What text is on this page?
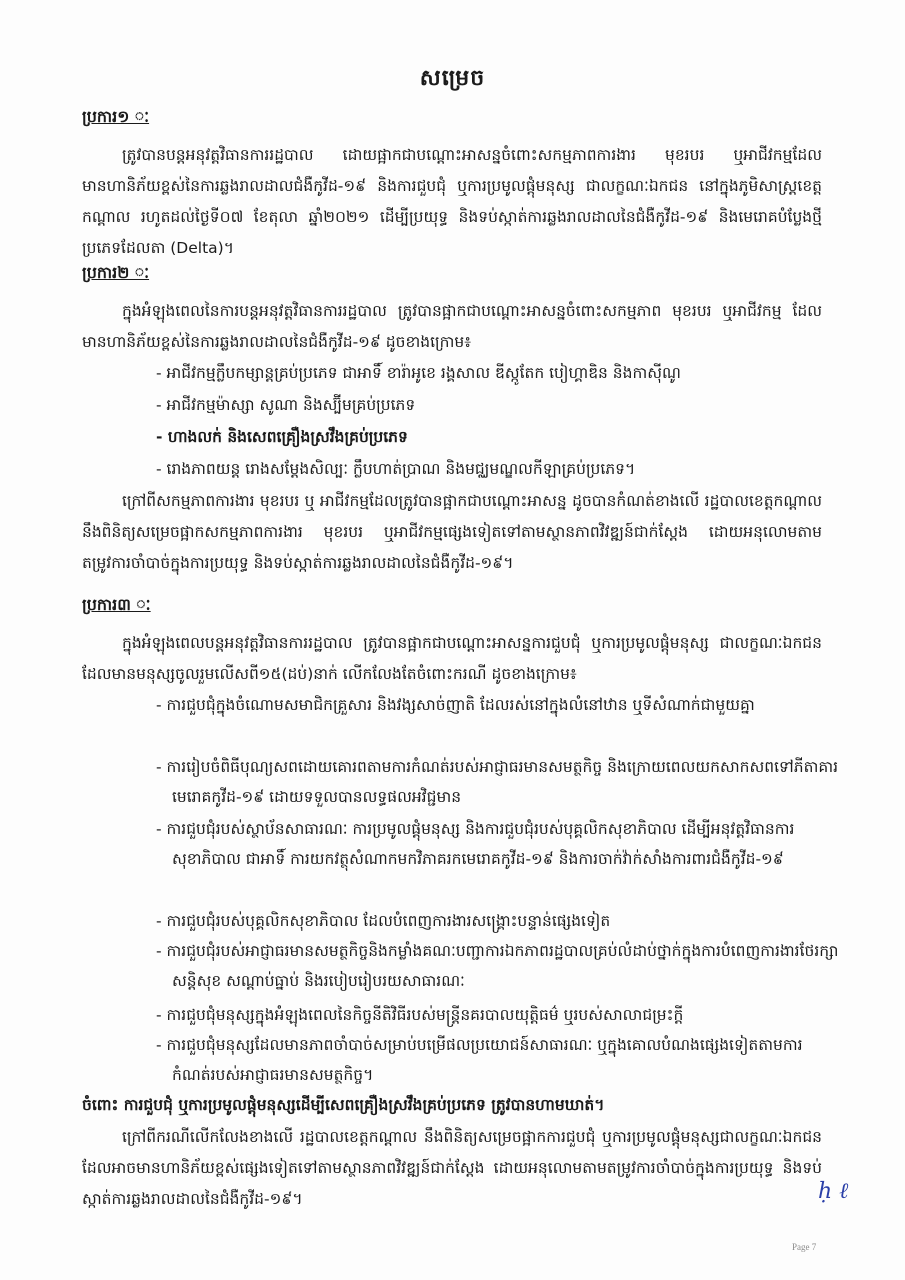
សម្រេច
ប្រការ១ ៈ
ត្រូវបានបន្តអនុវត្តវិធានការរដ្ឋបាល ដោយផ្អាកជាបណ្តោះអាសន្នចំពោះសកម្មភាពការងារ មុខរបរ ឬអាជីវកម្មដែលមានហានិភ័យខ្ពស់នៃការឆ្លងរាលដាលជំងឺកូវីដ-១៩ និងការជួបជុំ ឬការប្រមូលផ្តុំមនុស្ស ជាលក្ខណៈឯកជន នៅក្នុងភូមិសាស្ត្រខេត្តកណ្តាល រហូតដល់ថ្ងៃទី០៧ ខែតុលា ឆ្នាំ២០២១ ដើម្បីប្រយុទ្ធ និងទប់ស្កាត់ការឆ្លងរាលដាលនៃជំងឺកូវីដ-១៩ និងមេរោគបំប្លែងថ្មីប្រភេទដែលតា (Delta)។
ប្រការ២ ៈ
ក្នុងអំឡុងពេលនៃការបន្តអនុវត្តវិធានការរដ្ឋបាល ត្រូវបានផ្អាកជាបណ្តោះអាសន្នចំពោះសកម្មភាព មុខរបរ ឬអាជីវកម្ម ដែលមានហានិភ័យខ្ពស់នៃការឆ្លងរាលដាលនៃជំងឺកូវីដ-១៩ ដូចខាងក្រោម៖
- អាជីវកម្មក្លឹបកម្សាន្តគ្រប់ប្រភេទ ជាអាទិ៍ ខារ៉ាអូខេ រង្គសាល ឌីស្កូតែក បៀហ្គាឌិន និងកាស៊ីណូ
- អាជីវកម្មម៉ាស្សា សូណា និងស្ប៊ីមគ្រប់ប្រភេទ
- ហាងលក់ និងសេពគ្រឿងស្រវឹងគ្រប់ប្រភេទ
- រោងភាពយន្ត រោងសម្តែងសិល្បៈ ក្លឹបហាត់ប្រាណ និងមជ្ឈមណ្ឌលកីឡាគ្រប់ប្រភេទ។
ក្រៅពីសកម្មភាពការងារ មុខរបរ ឬ អាជីវកម្មដែលត្រូវបានផ្អាកជាបណ្តោះអាសន្ន ដូចបានកំណត់ខាងលើ រដ្ឋបាលខេត្តកណ្តាល នឹងពិនិត្យសម្រេចផ្អាកសកម្មភាពការងារ មុខរបរ ឬអាជីវកម្មផ្សេងទៀតទៅតាមស្ថានភាពវិវឌ្ឍន៍ជាក់ស្តែង ដោយអនុលោមតាមតម្រូវការចាំបាច់ក្នុងការប្រយុទ្ធ និងទប់ស្កាត់ការឆ្លងរាលដាលនៃជំងឺកូវីដ-១៩។
ប្រការ៣ ៈ
ក្នុងអំឡុងពេលបន្តអនុវត្តវិធានការរដ្ឋបាល ត្រូវបានផ្អាកជាបណ្តោះអាសន្នការជួបជុំ ឬការប្រមូលផ្តុំមនុស្ស ជាលក្ខណៈឯកជនដែលមានមនុស្សចូលរួមលើសពី១៥(ដប់)នាក់ លើកលែងតែចំពោះករណី ដូចខាងក្រោម៖
- ការជួបជុំក្នុងចំណោមសមាជិកគ្រួសារ និងវង្សសាច់ញាតិ ដែលរស់នៅក្នុងលំនៅឋាន ឬទីសំណាក់ជាមួយគ្នា
- ការរៀបចំពិធីបុណ្យសពដោយគោរពតាមការកំណត់របស់អាជ្ញាធរមានសមត្ថកិច្ច និងក្រោយពេលយកសាកសពទៅភីតាគារមេរោគកូវីដ-១៩ ដោយទទួលបានលទ្ធផលអវិជ្ជមាន
- ការជួបជុំរបស់ស្ថាប័នសាធារណៈ ការប្រមូលផ្តុំមនុស្ស និងការជួបជុំរបស់បុគ្គលិកសុខាភិបាល ដើម្បីអនុវត្តវិធានការសុខាភិបាល ជាអាទិ៍ ការយកវត្ថុសំណាកមកវិភាគរកមេរោគកូវីដ-១៩ និងការចាក់វ៉ាក់សាំងការពារជំងឺកូវីដ-១៩
- ការជួបជុំរបស់បុគ្គលិកសុខាភិបាល ដែលបំពេញការងារសង្គ្រោះបន្ទាន់ផ្សេងទៀត
- ការជួបជុំរបស់អាជ្ញាធរមានសមត្ថកិច្ចនិងកម្លាំងគណៈបញ្ជាការឯកភាពរដ្ឋបាលគ្រប់លំដាប់ថ្នាក់ក្នុងការបំពេញការងារថែរក្សាសន្តិសុខ សណ្តាប់ធ្នាប់ និងរបៀបរៀបរយសាធារណៈ
- ការជួបជុំមនុស្សក្នុងអំឡុងពេលនៃកិច្ចនីតិវិធីរបស់មន្ត្រីនគរបាលយុត្តិធម៌ ឬរបស់សាលាជម្រះក្តី
- ការជួបជុំមនុស្សដែលមានភាពចាំបាច់សម្រាប់បម្រើផលប្រយោជន៍សាធារណៈ ឬក្នុងគោលបំណងផ្សេងទៀតតាមការកំណត់របស់អាជ្ញាធរមានសមត្ថកិច្ច។
ចំពោះ ការជួបជុំ ឬការប្រមូលផ្តុំមនុស្សដើម្បីសេពគ្រឿងស្រវឹងគ្រប់ប្រភេទ ត្រូវបានហាមឃាត់។
ក្រៅពីករណីលើកលែងខាងលើ រដ្ឋបាលខេត្តកណ្តាល នឹងពិនិត្យសម្រេចផ្អាកការជួបជុំ ឬការប្រមូលផ្តុំមនុស្សជាលក្ខណៈឯកជនដែលអាចមានហានិភ័យខ្ពស់ផ្សេងទៀតទៅតាមស្ថានភាពវិវឌ្ឍន៍ជាក់ស្តែង ដោយអនុលោមតាមតម្រូវការចាំបាច់ក្នុងការប្រយុទ្ធ និងទប់ស្កាត់ការឆ្លងរាលដាលនៃជំងឺកូវីដ-១៩។	ḥ ℓ
Page 7
